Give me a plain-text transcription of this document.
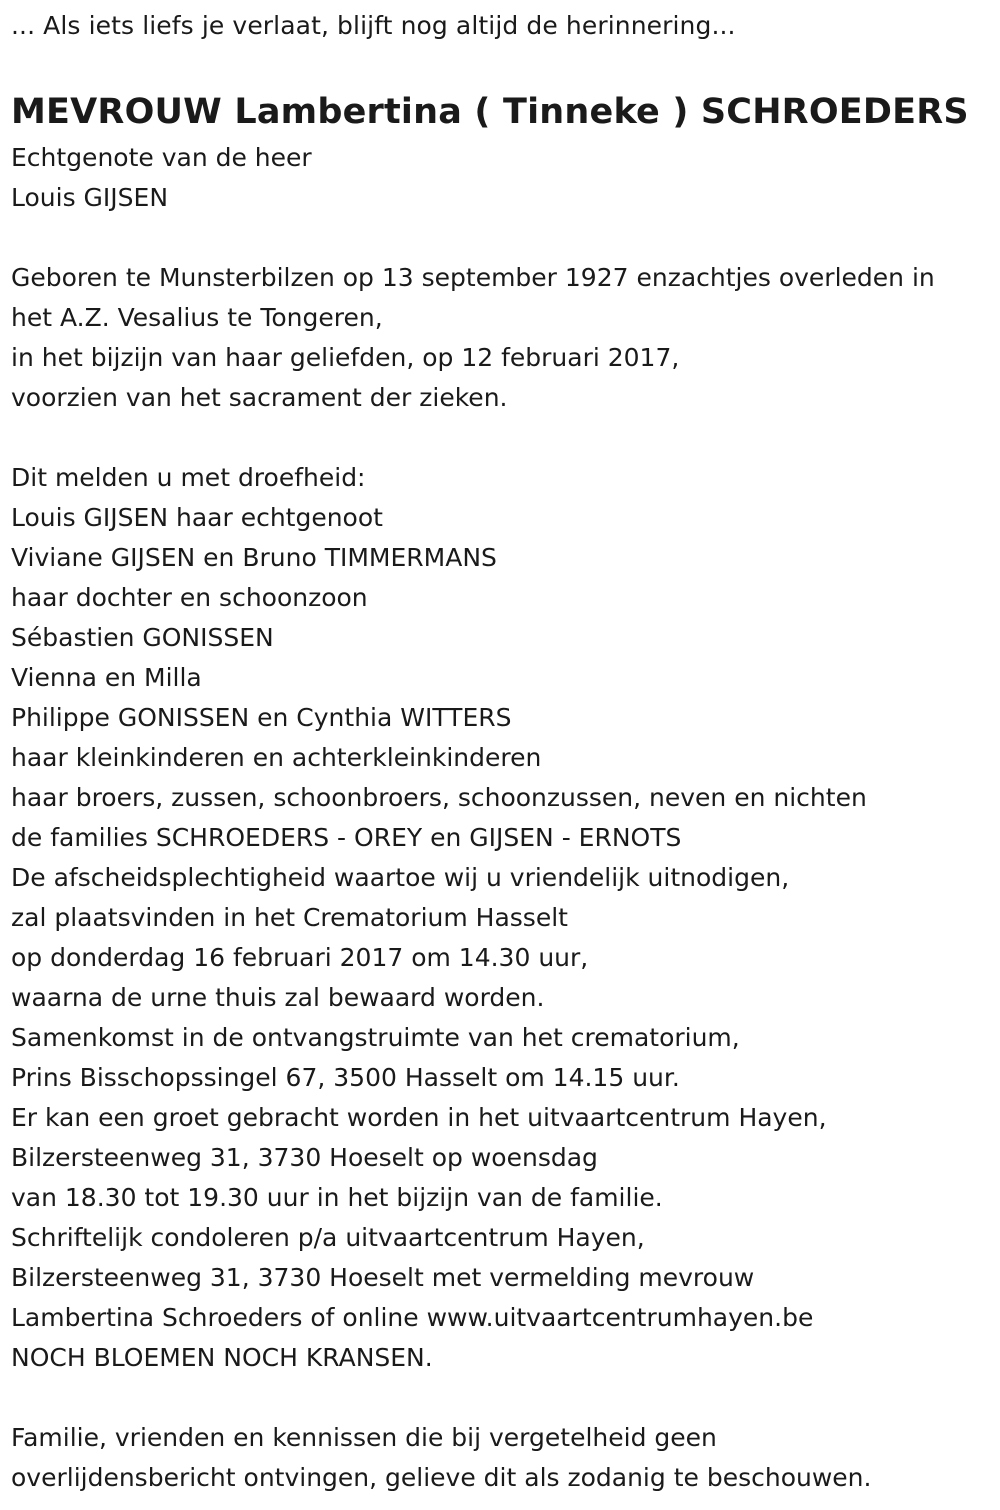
... Als iets liefs je verlaat, blijft nog altijd de herinnering...
MEVROUW Lambertina ( Tinneke ) SCHROEDERS
Echtgenote van de heer
Louis GIJSEN
Geboren te Munsterbilzen op 13 september 1927 enzachtjes overleden in
het A.Z. Vesalius te Tongeren,
in het bijzijn van haar geliefden, op 12 februari 2017,
voorzien van het sacrament der zieken.
Dit melden u met droefheid:
Louis GIJSEN haar echtgenoot
Viviane GIJSEN en Bruno TIMMERMANS
haar dochter en schoonzoon
Sébastien GONISSEN
Vienna en Milla
Philippe GONISSEN en Cynthia WITTERS
haar kleinkinderen en achterkleinkinderen
haar broers, zussen, schoonbroers, schoonzussen, neven en nichten
de families SCHROEDERS - OREY en GIJSEN - ERNOTS
De afscheidsplechtigheid waartoe wij u vriendelijk uitnodigen,
zal plaatsvinden in het Crematorium Hasselt
op donderdag 16 februari 2017 om 14.30 uur,
waarna de urne thuis zal bewaard worden.
Samenkomst in de ontvangstruimte van het crematorium,
Prins Bisschopssingel 67, 3500 Hasselt om 14.15 uur.
Er kan een groet gebracht worden in het uitvaartcentrum Hayen,
Bilzersteenweg 31, 3730 Hoeselt op woensdag
van 18.30 tot 19.30 uur in het bijzijn van de familie.
Schriftelijk condoleren p/a uitvaartcentrum Hayen,
Bilzersteenweg 31, 3730 Hoeselt met vermelding mevrouw
Lambertina Schroeders of online www.uitvaartcentrumhayen.be
NOCH BLOEMEN NOCH KRANSEN.
Familie, vrienden en kennissen die bij vergetelheid geen
overlijdensbericht ontvingen, gelieve dit als zodanig te beschouwen.
